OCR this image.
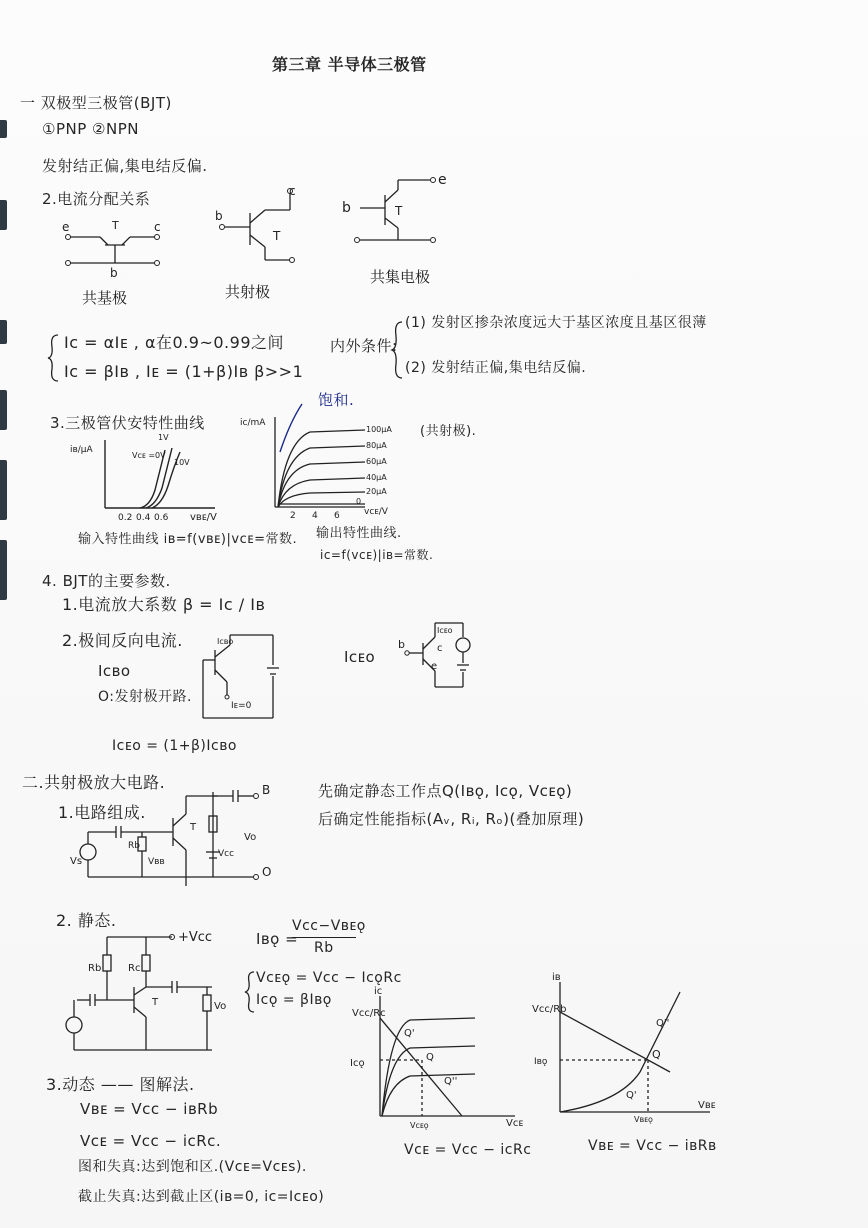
第三章 半导体三极管
一 双极型三极管(BJT)
①PNP ②NPN
发射结正偏,集电结反偏.
2.电流分配关系
e	T	c
b
共基极
b
c
T
共射极
b
e
T
共集电极
Iᴄ = αIᴇ , α在0.9~0.99之间
Iᴄ = βIʙ , Iᴇ = (1+β)Iʙ β>>1
内外条件:
(1) 发射区掺杂浓度远大于基区浓度且基区很薄
(2) 发射结正偏,集电结反偏.
3.三极管伏安特性曲线
iʙ/μA
vʙᴇ/V
0.2 0.4 0.6
Vᴄᴇ =0V
1V
10V
输入特性曲线 iʙ=f(vʙᴇ)|vᴄᴇ=常数.
iᴄ/mA
vᴄᴇ/V
2 4 6
100μA
80μA
60μA
40μA
20μA
0
饱和.
(共射极).
输出特性曲线.
iᴄ=f(vᴄᴇ)|iʙ=常数.
4. BJT的主要参数.
1.电流放大系数 β = Iᴄ / Iʙ
2.极间反向电流.
Iᴄʙᴏ
O:发射极开路.
Iᴄʙᴏ
Iᴇ=0
Iᴄᴇᴏ
b	c
e
Iᴄᴇᴏ
Iᴄᴇᴏ = (1+β)Iᴄʙᴏ
二.共射极放大电路.
1.电路组成.
先确定静态工作点Q(Iʙǫ, Iᴄǫ, Vᴄᴇǫ)
后确定性能指标(Aᵥ, Rᵢ, Rₒ)(叠加原理)
B
O
Vs
Vo
Rb
Vʙʙ
Vcc
T
2. 静态.
Iʙǫ =
Vcc−Vʙᴇǫ
Rb
Vᴄᴇǫ = Vcc − IᴄǫRc
Iᴄǫ = βIʙǫ
+Vcc
Rb	Rc
T	Vo
3.动态 —— 图解法.
Vʙᴇ = Vcc − iʙRb
Vᴄᴇ = Vcc − iᴄRc.
图和失真:达到饱和区.(Vᴄᴇ=Vᴄᴇs).
截止失真:达到截止区(iʙ=0, iᴄ=Iᴄᴇᴏ)
Vcc/Rc
iᴄ
Iᴄǫ
Vᴄᴇ
Vᴄᴇǫ
Q'
Q
Q''
Vᴄᴇ = Vcc − iᴄRc
iʙ
Vcc/Rb
Iʙǫ
Vʙᴇ
Vʙᴇǫ
Q'
Q
Q''
Vʙᴇ = Vcc − iʙRʙ
